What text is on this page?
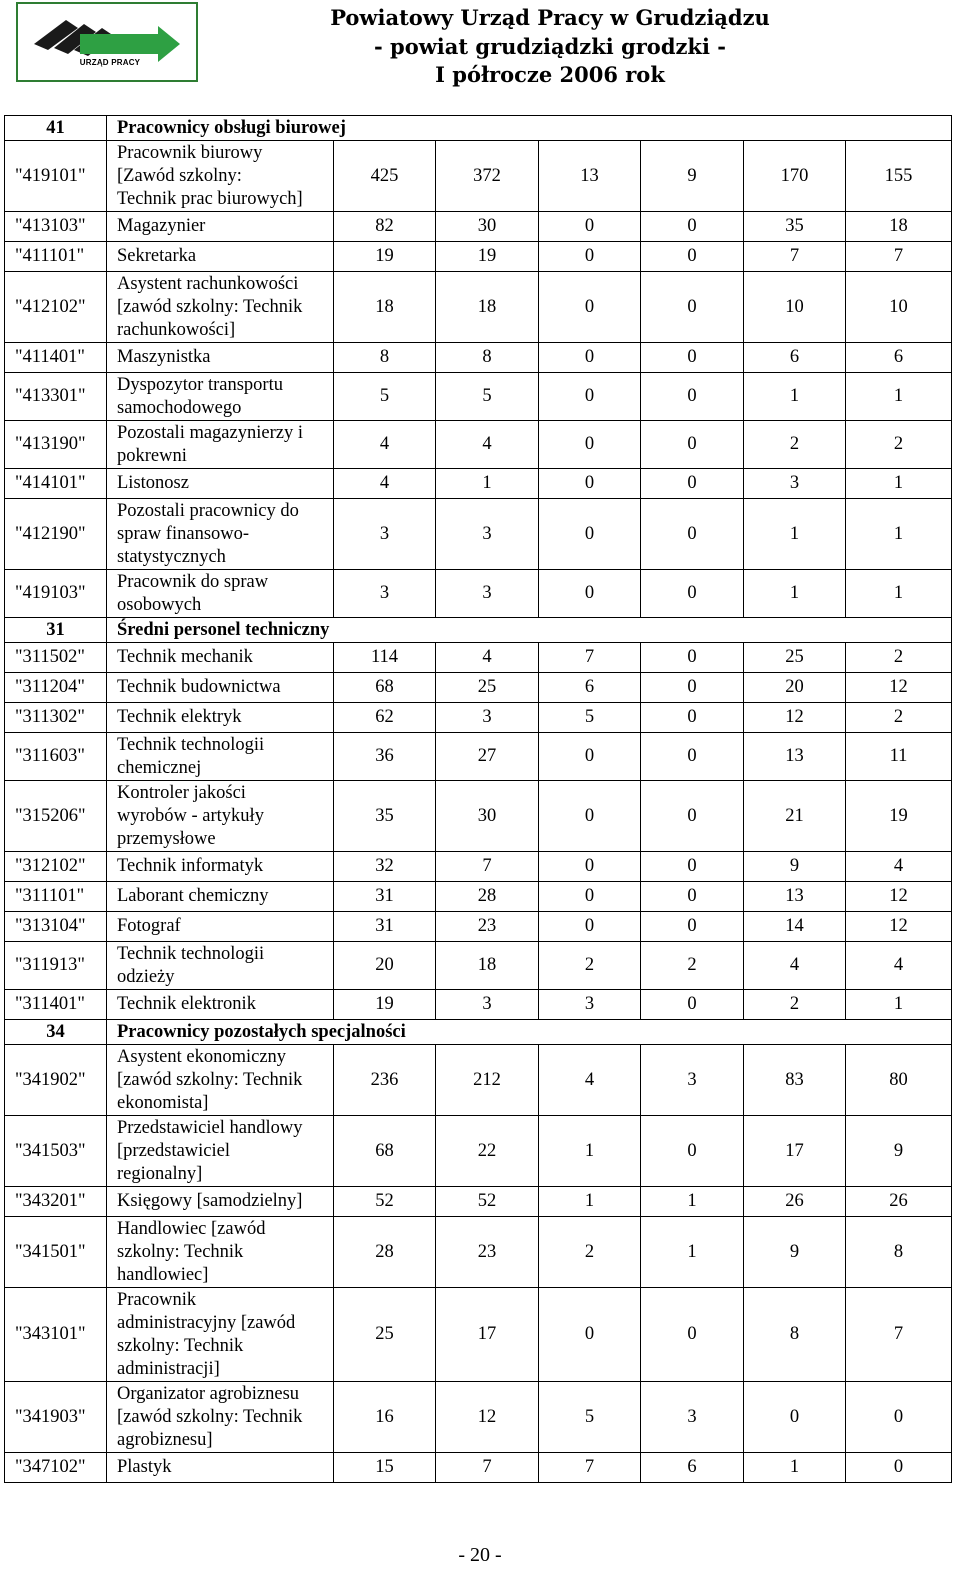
URZĄD PRACY
Powiatowy Urząd Pracy w Grudziądzu
- powiat grudziądzki grodzki -
I półrocze 2006 rok
41	Pracownicy obsługi biurowej						
"419101"	Pracownik biurowy
[Zawód szkolny:
Technik prac biurowych]	425	372	13	9	170	155
"413103"	Magazynier	82	30	0	0	35	18
"411101"	Sekretarka	19	19	0	0	7	7
"412102"	Asystent rachunkowości
[zawód szkolny: Technik
rachunkowości]	18	18	0	0	10	10
"411401"	Maszynistka	8	8	0	0	6	6
"413301"	Dyspozytor transportu
samochodowego	5	5	0	0	1	1
"413190"	Pozostali magazynierzy i
pokrewni	4	4	0	0	2	2
"414101"	Listonosz	4	1	0	0	3	1
"412190"	Pozostali pracownicy do
spraw finansowo-
statystycznych	3	3	0	0	1	1
"419103"	Pracownik do spraw
osobowych	3	3	0	0	1	1
31	Średni personel techniczny						
"311502"	Technik mechanik	114	4	7	0	25	2
"311204"	Technik budownictwa	68	25	6	0	20	12
"311302"	Technik elektryk	62	3	5	0	12	2
"311603"	Technik technologii
chemicznej	36	27	0	0	13	11
"315206"	Kontroler jakości
wyrobów - artykuły
przemysłowe	35	30	0	0	21	19
"312102"	Technik informatyk	32	7	0	0	9	4
"311101"	Laborant chemiczny	31	28	0	0	13	12
"313104"	Fotograf	31	23	0	0	14	12
"311913"	Technik technologii
odzieży	20	18	2	2	4	4
"311401"	Technik elektronik	19	3	3	0	2	1
34	Pracownicy pozostałych specjalności						
"341902"	Asystent ekonomiczny
[zawód szkolny: Technik
ekonomista]	236	212	4	3	83	80
"341503"	Przedstawiciel handlowy
[przedstawiciel
regionalny]	68	22	1	0	17	9
"343201"	Księgowy [samodzielny]	52	52	1	1	26	26
"341501"	Handlowiec [zawód
szkolny: Technik
handlowiec]	28	23	2	1	9	8
"343101"	Pracownik
administracyjny [zawód
szkolny: Technik
administracji]	25	17	0	0	8	7
"341903"	Organizator agrobiznesu
[zawód szkolny: Technik
agrobiznesu]	16	12	5	3	0	0
"347102"	Plastyk	15	7	7	6	1	0
- 20 -
